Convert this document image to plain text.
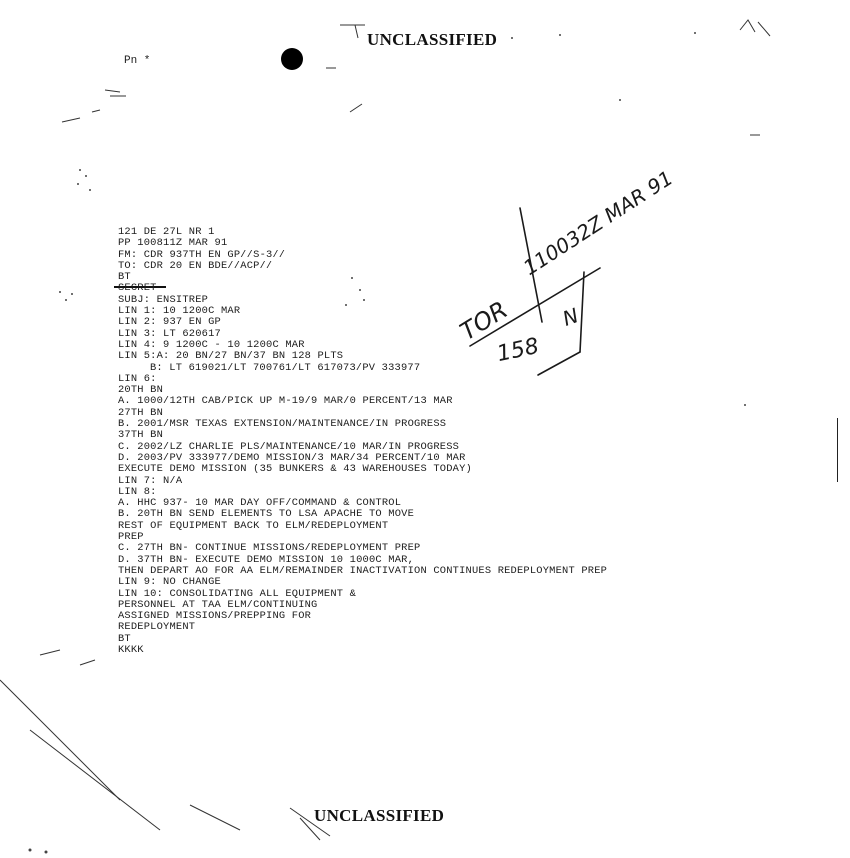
UNCLASSIFIED
Pn *
121 DE 27L NR 1
PP 100811Z MAR 91
FM: CDR 937TH EN GP//S-3//
TO: CDR 20 EN BDE//ACP//
BT
SECRET
SUBJ: ENSITREP
LIN 1: 10 1200C MAR
LIN 2: 937 EN GP
LIN 3: LT 620617
LIN 4: 9 1200C - 10 1200C MAR
LIN 5:A: 20 BN/27 BN/37 BN 128 PLTS
B: LT 619021/LT 700761/LT 617073/PV 333977
LIN 6:
20TH BN
A. 1000/12TH CAB/PICK UP M-19/9 MAR/0 PERCENT/13 MAR
27TH BN
B. 2001/MSR TEXAS EXTENSION/MAINTENANCE/IN PROGRESS
37TH BN
C. 2002/LZ CHARLIE PLS/MAINTENANCE/10 MAR/IN PROGRESS
D. 2003/PV 333977/DEMO MISSION/3 MAR/34 PERCENT/10 MAR
EXECUTE DEMO MISSION (35 BUNKERS & 43 WAREHOUSES TODAY)
LIN 7: N/A
LIN 8:
A. HHC 937- 10 MAR DAY OFF/COMMAND & CONTROL
B. 20TH BN SEND ELEMENTS TO LSA APACHE TO MOVE
REST OF EQUIPMENT BACK TO ELM/REDEPLOYMENT
PREP
C. 27TH BN- CONTINUE MISSIONS/REDEPLOYMENT PREP
D. 37TH BN- EXECUTE DEMO MISSION 10 1000C MAR,
THEN DEPART AO FOR AA ELM/REMAINDER INACTIVATION CONTINUES REDEPLOYMENT PREP
LIN 9: NO CHANGE
LIN 10: CONSOLIDATING ALL EQUIPMENT &
PERSONNEL AT TAA ELM/CONTINUING
ASSIGNED MISSIONS/PREPPING FOR
REDEPLOYMENT
BT
KKKK
110032Z MAR 91
TOR
158
N
UNCLASSIFIED
